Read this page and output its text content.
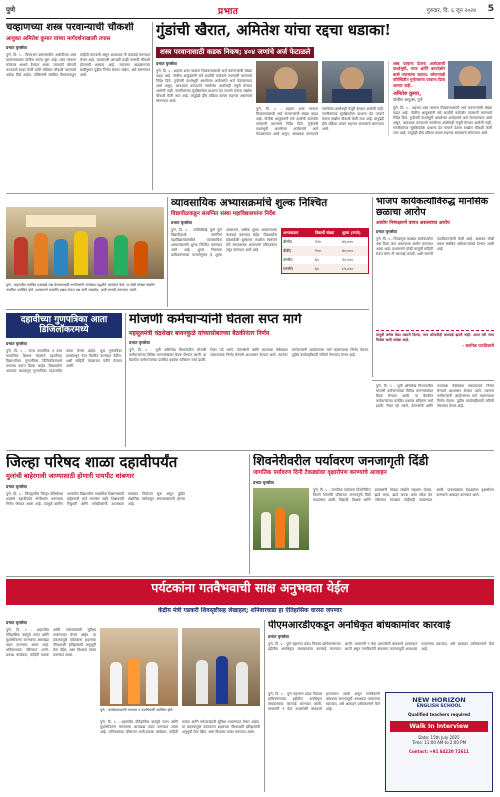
पुणे	प्रभात	गुरुवार, दि. ६ जून २०२४ 5
चव्हाणच्या शस्त्र परवान्याची चौकशी
आयुक्त अमितेश कुमार यांच्या मार्गदर्शनाखाली तपास
प्रभात वृत्तसेवा
पुणे, दि. ५ - विनयभंग प्रकरणातील आरोपीच्या शस्त्र परवान्याबाबत पोलीस तपास सुरू आहे. शस्त्र परवाना कोणत्या आधारे देण्यात आला, त्यासाठी कोणती कागदपत्रे सादर केली याची सविस्तर चौकशी करण्याचे आदेश दिले आहेत. पोलिसांनी संबंधित विभागाकडून माहिती मागवली असून आवश्यक ती कारवाई करण्यात येणार आहे. याप्रकरणी आणखी काही जणांची चौकशी होण्याची शक्यता आहे. तपासात आढळणाऱ्या बाबींनुसार पुढील निर्णय घेतला जाईल, असे सांगण्यात आले.
गुंडांची खैरात, अमितेश यांचा रद्दचा धडाका!
शस्त्र परवानासाठी कडक निकष; ४०४ जणांचे अर्ज फेटाळले
प्रभात वृत्तसेवा
पुणे, दि. ५ - शहरात शस्त्र परवाना मिळवण्यासाठी अर्ज करणाऱ्यांची संख्या वाढत आहे. पोलीस आयुक्तांनी सर्व अर्जांची काटेकोर तपासणी करण्याचे निर्देश दिले. गुन्हेगारी पार्श्वभूमी असलेल्या अर्जदारांचे अर्ज फेटाळण्यात आले असून, आवश्यक कागदपत्रे नसलेल्या अर्जांनाही मंजुरी देण्यात आलेली नाही. नागरिकांच्या सुरक्षिततेला प्राधान्य देत परवाने देताना सखोल चौकशी केली जात आहे. यापुढेही हीच प्रक्रिया कायम राहणार असल्याचे सांगण्यात आले.
पुणे, दि. ५ - शहरात शस्त्र परवाना मिळवण्यासाठी अर्ज करणाऱ्यांची संख्या वाढत आहे. पोलीस आयुक्तांनी सर्व अर्जांची काटेकोर तपासणी करण्याचे निर्देश दिले. गुन्हेगारी पार्श्वभूमी असलेल्या अर्जदारांचे अर्ज फेटाळण्यात आले असून, आवश्यक कागदपत्रे नसलेल्या अर्जांनाही मंजुरी देण्यात आलेली नाही. नागरिकांच्या सुरक्षिततेला प्राधान्य देत परवाने देताना सखोल चौकशी केली जात आहे. यापुढेही हीच प्रक्रिया कायम राहणार असल्याचे सांगण्यात आले.
शस्त्र परवाना देताना अर्जदाराची पार्श्वभूमी, गरज आणि कायदेशीर बाबी तपासल्या जातात. कोणत्याही परिस्थितीत गुन्हेगारांना परवाना दिला जाणार नाही.
अमितेश कुमार,
पोलीस आयुक्त, पुणे
पुणे, दि. ५ - शहरात शस्त्र परवाना मिळवण्यासाठी अर्ज करणाऱ्यांची संख्या वाढत आहे. पोलीस आयुक्तांनी सर्व अर्जांची काटेकोर तपासणी करण्याचे निर्देश दिले. गुन्हेगारी पार्श्वभूमी असलेल्या अर्जदारांचे अर्ज फेटाळण्यात आले असून, आवश्यक कागदपत्रे नसलेल्या अर्जांनाही मंजुरी देण्यात आलेली नाही. नागरिकांच्या सुरक्षिततेला प्राधान्य देत परवाने देताना सखोल चौकशी केली जात आहे. यापुढेही हीच प्रक्रिया कायम राहणार असल्याचे सांगण्यात आले.
पुणे - शहरातील प्रलंबित प्रश्नांकडे लक्ष वेधण्यासाठी नागरिकांनी अनोख्या पद्धतीने आंदोलन केले. या वेळी मोठ्या संख्येने नागरिक उपस्थित होते. प्रशासनाने तातडीने दखल घेऊन प्रश्न मार्गी लावावेत, अशी मागणी करण्यात आली.
व्यावसायिक अभ्यासक्रमांचे शुल्क निश्चित
विद्यापीठाकडून संलग्नित संस्था महाविद्यालयांना निर्देश
प्रभात वृत्तसेवा
पुणे, दि. ५ - सावित्रीबाई फुले पुणे विद्यापीठाशी संलग्नित महाविद्यालयांमधील व्यावसायिक अभ्यासक्रमांचे शुल्क निश्चित करण्यात आले आहे. शुल्क नियामक प्राधिकरणाच्या मान्यतेनुसार हे शुल्क आकारावे, अधिक शुल्क आकारल्यास कारवाई करण्यात येईल. विद्यार्थ्यांना प्रवेशावेळी शुल्काचा तपशील स्पष्टपणे देणे बंधनकारक असल्याचे परिपत्रकात नमूद करण्यात आले आहे.
अभ्यासक्रम	विद्यार्थी संख्या	शुल्क (रुपये)
बीसीए	१२०	४५,०००
बीबीए	१००	४०,०००
एमबीए	६०	९०,०००
एमसीए	६०	८५,०००
भाजप कार्यकर्त्यांविरुद्ध मानसिक छळाचा आरोप
आयोग निष्पक्षपणे वागत असल्याचा आरोप
प्रभात वृत्तसेवा
पुणे, दि. ५ - निवडणूक काळात कार्यकर्त्यांना त्रास दिला जात असल्याचा आरोप करण्यात आला आहे. प्रशासनाने दोन्ही बाजूंची माहिती घेऊन योग्य ती कारवाई करावी, अशी मागणी पदाधिकाऱ्यांनी केली आहे. याबाबत लेखी तक्रार संबंधित अधिकाऱ्यांकडे देण्यात आली आहे.
यापूर्वी अनेक वेळा तक्रारी दिल्या, मात्र कोणतीही कारवाई झाली नाही. आता तरी न्याय मिळेल अशी अपेक्षा आहे.
- स्थानिक पदाधिकारी
दहावीच्या गुणपत्रिका आता डिजिलॉकरमध्ये
प्रभात वृत्तसेवा
पुणे, दि. ५ - राज्य माध्यमिक व उच्च माध्यमिक शिक्षण मंडळाने दहावीच्या विद्यार्थ्यांच्या गुणपत्रिका डिजिलॉकरमध्ये उपलब्ध करून दिल्या आहेत. विद्यार्थ्यांना आपल्या खात्यातून गुणपत्रिका डाऊनलोड करता येणार आहेत. मूळ गुणपत्रिका शाळांमधून नंतर वितरित करण्यात येतील, अशी माहिती मंडळाच्या वतीने देण्यात आली.
मोजणी कर्मचाऱ्यांनी घेतला सप्त मार्ग
महसूलमंत्री चंद्रशेखर बावनकुळे यांच्यासोबतच्या बैठकीनंतर निर्णय
प्रभात वृत्तसेवा
पुणे, दि. ५ - भूमी अभिलेख विभागातील मोजणी कर्मचाऱ्यांच्या विविध मागण्यांबाबत बैठक घेण्यात आली. या बैठकीत कर्मचाऱ्यांच्या प्रलंबित प्रश्नांवर सविस्तर चर्चा झाली. रिक्त पदे भरणे, वेतनश्रेणी आणि कामाच्या वेळेबाबत सकारात्मक निर्णय घेण्याचे आश्वासन देण्यात आले. त्यानंतर कर्मचाऱ्यांनी आंदोलनाचा मार्ग बदलण्याचा निर्णय घेतला. पुढील कार्यवाहीसाठी समिती नेमण्यात येणार आहे.
पुणे, दि. ५ - भूमी अभिलेख विभागातील मोजणी कर्मचाऱ्यांच्या विविध मागण्यांबाबत बैठक घेण्यात आली. या बैठकीत कर्मचाऱ्यांच्या प्रलंबित प्रश्नांवर सविस्तर चर्चा झाली. रिक्त पदे भरणे, वेतनश्रेणी आणि कामाच्या वेळेबाबत सकारात्मक निर्णय घेण्याचे आश्वासन देण्यात आले. त्यानंतर कर्मचाऱ्यांनी आंदोलनाचा मार्ग बदलण्याचा निर्णय घेतला. पुढील कार्यवाहीसाठी समिती नेमण्यात येणार आहे.
जिल्हा परिषद शाळा दहावीपर्यंत
मुलांची बाहेरगावी जाण्यासाठी होणारी पायपीट थांबणार
प्रभात वृत्तसेवा
पुणे, दि. ५ - जिल्ह्यातील जिल्हा परिषदेच्या शाळांचे दहावीपर्यंत श्रेणीवर्धन करण्याचा निर्णय घेण्यात आला आहे. त्यामुळे ग्रामीण भागातील विद्यार्थ्यांना माध्यमिक शिक्षणासाठी बाहेरगावी जावे लागणार नाही. शिक्षकांची नियुक्ती आणि वर्गखोल्यांची उपलब्धता याबाबत नियोजन सुरू असून पुढील शैक्षणिक वर्षापासून अंमलबजावणी होणार आहे.
शिवनेरीवरील पर्यावरण जनजागृती दिंडी
जागतिक पर्यावरण दिनी टेकड्यांवर वृक्षारोपण करण्याचे आवाहन
प्रभात वृत्तसेवा
पुणे, दि. ५ - जागतिक पर्यावरण दिनानिमित्त किल्ले शिवनेरी परिसरात जनजागृती दिंडी काढण्यात आली. विद्यार्थी, शिक्षक आणि ग्रामस्थांनी मोठ्या संख्येने सहभाग घेतला. झाडे लावा, झाडे जगवा असा संदेश देत परिसरात स्वच्छता मोहीमही राबवण्यात आली. पावसाळ्यात टेकड्यांवर वृक्षारोपण करण्याचे आवाहन करण्यात आले.
पर्यटकांना गतवैभवाची साक्ष अनुभवता येईल
केंद्रीय मंत्री गडकरी शिवसृष्टीसह लेखाहल; शनिवारवाडा हा ऐतिहासिक वारसा जपणार
प्रभात वृत्तसेवा
पुणे, दि. ५ - शहरातील ऐतिहासिक वास्तूंचे जतन आणि सुशोभीकरण करण्याचा आराखडा तयार करण्यात आला आहे. शनिवारवाडा परिसरात ध्वनी-प्रकाश कार्यक्रम, माहिती फलक आणि पर्यटकांसाठी सुविधा उभारण्यात येणार आहेत. या प्रकल्पामुळे पर्यटकांना शहराच्या गौरवशाली इतिहासाची अनुभूती घेता येईल, असा विश्वास व्यक्त करण्यात आला.
पुणे - कार्यक्रमाप्रसंगी मान्यवर व पदाधिकारी उपस्थित होते.
पुणे, दि. ५ - शहरातील ऐतिहासिक वास्तूंचे जतन आणि सुशोभीकरण करण्याचा आराखडा तयार करण्यात आला आहे. शनिवारवाडा परिसरात ध्वनी-प्रकाश कार्यक्रम, माहिती फलक आणि पर्यटकांसाठी सुविधा उभारण्यात येणार आहेत. या प्रकल्पामुळे पर्यटकांना शहराच्या गौरवशाली इतिहासाची अनुभूती घेता येईल, असा विश्वास व्यक्त करण्यात आला.
पीएमआरडीएकडून अनधिकृत बांधकामांवर कारवाई
प्रभात वृत्तसेवा
पुणे, दि. ५ - पुणे महानगर प्रदेश विकास प्राधिकरणाच्या हद्दीतील अनधिकृत बांधकामांवर कारवाई करण्यात आली. परवानगी न घेता उभारलेली बांधकामे हटवण्यात आली असून नागरिकांनी बांधकाम करण्यापूर्वी आवश्यक परवानग्या घ्याव्यात, असे आवाहन प्राधिकरणाने केले आहे.
पुणे, दि. ५ - पुणे महानगर प्रदेश विकास प्राधिकरणाच्या हद्दीतील अनधिकृत बांधकामांवर कारवाई करण्यात आली. परवानगी न घेता उभारलेली बांधकामे हटवण्यात आली असून नागरिकांनी बांधकाम करण्यापूर्वी आवश्यक परवानग्या घ्याव्यात, असे आवाहन प्राधिकरणाने केले आहे.
NEW HORIZON
ENGLISH SCHOOL
Qualified teachers required
Walk In Interview
Date: 15th July 2025
Time: 11:00 AM to 2:00 PM
Contact: +91 84220 72611
